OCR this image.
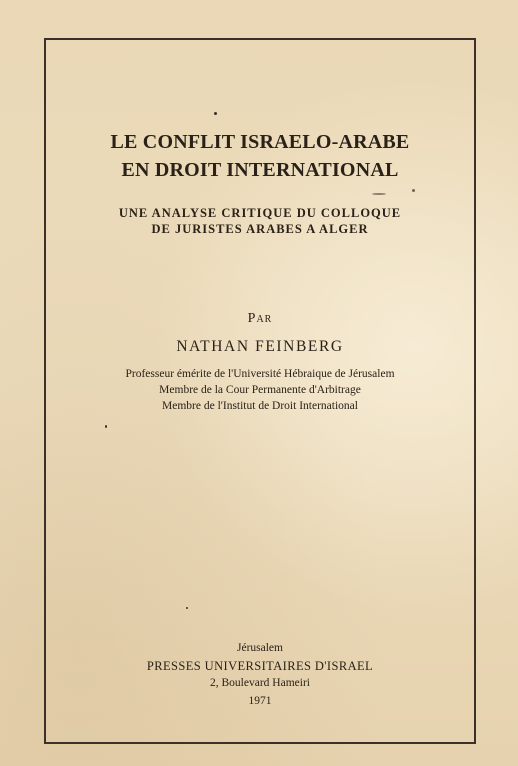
LE CONFLIT ISRAELO-ARABE
EN DROIT INTERNATIONAL
UNE ANALYSE CRITIQUE DU COLLOQUE
DE JURISTES ARABES A ALGER
Par
NATHAN FEINBERG
Professeur émérite de l'Université Hébraique de Jérusalem
Membre de la Cour Permanente d'Arbitrage
Membre de l'Institut de Droit International
Jérusalem
PRESSES UNIVERSITAIRES D'ISRAEL
2, Boulevard Hameiri
1971
